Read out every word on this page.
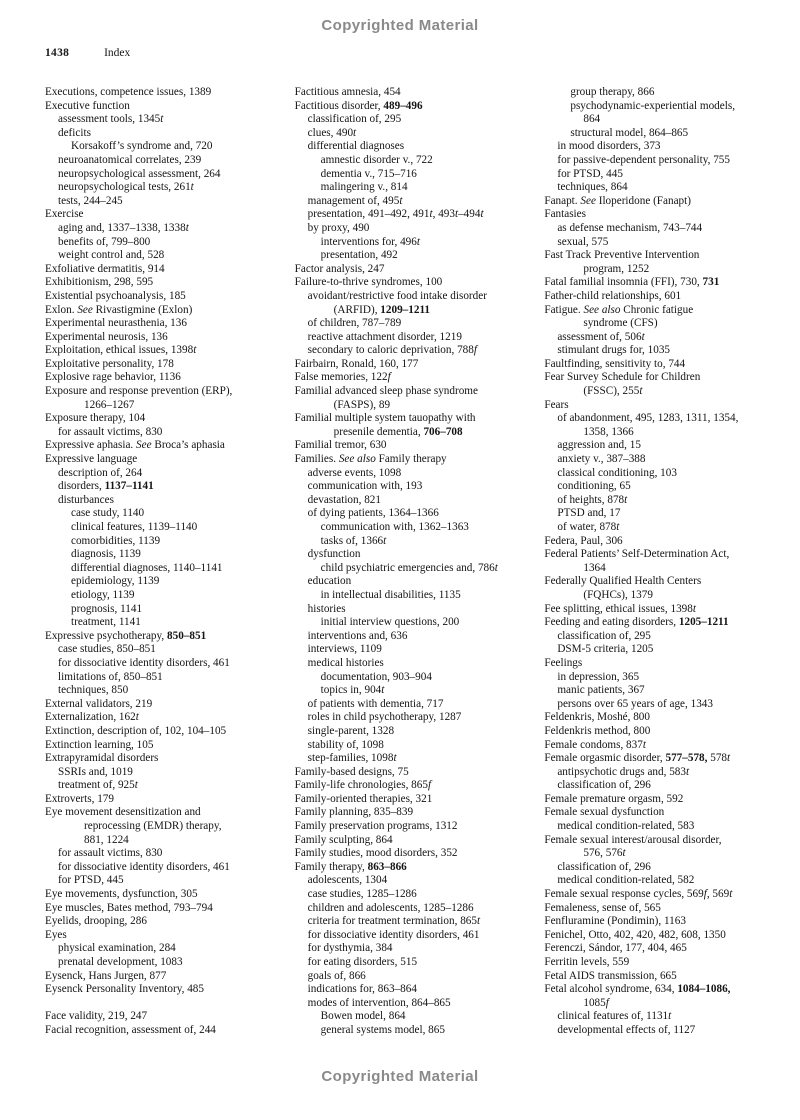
Copyrighted Material
1438	Index
Executions, competence issues, 1389
Executive function
assessment tools, 1345t
deficits
Korsakoff’s syndrome and, 720
neuroanatomical correlates, 239
neuropsychological assessment, 264
neuropsychological tests, 261t
tests, 244–245
Exercise
aging and, 1337–1338, 1338t
benefits of, 799–800
weight control and, 528
Exfoliative dermatitis, 914
Exhibitionism, 298, 595
Existential psychoanalysis, 185
Exlon. See Rivastigmine (Exlon)
Experimental neurasthenia, 136
Experimental neurosis, 136
Exploitation, ethical issues, 1398t
Exploitative personality, 178
Explosive rage behavior, 1136
Exposure and response prevention (ERP),
1266–1267
Exposure therapy, 104
for assault victims, 830
Expressive aphasia. See Broca’s aphasia
Expressive language
description of, 264
disorders, 1137–1141
disturbances
case study, 1140
clinical features, 1139–1140
comorbidities, 1139
diagnosis, 1139
differential diagnoses, 1140–1141
epidemiology, 1139
etiology, 1139
prognosis, 1141
treatment, 1141
Expressive psychotherapy, 850–851
case studies, 850–851
for dissociative identity disorders, 461
limitations of, 850–851
techniques, 850
External validators, 219
Externalization, 162t
Extinction, description of, 102, 104–105
Extinction learning, 105
Extrapyramidal disorders
SSRIs and, 1019
treatment of, 925t
Extroverts, 179
Eye movement desensitization and
reprocessing (EMDR) therapy,
881, 1224
for assault victims, 830
for dissociative identity disorders, 461
for PTSD, 445
Eye movements, dysfunction, 305
Eye muscles, Bates method, 793–794
Eyelids, drooping, 286
Eyes
physical examination, 284
prenatal development, 1083
Eysenck, Hans Jurgen, 877
Eysenck Personality Inventory, 485
Face validity, 219, 247
Facial recognition, assessment of, 244
Factitious amnesia, 454
Factitious disorder, 489–496
classification of, 295
clues, 490t
differential diagnoses
amnestic disorder v., 722
dementia v., 715–716
malingering v., 814
management of, 495t
presentation, 491–492, 491t, 493t–494t
by proxy, 490
interventions for, 496t
presentation, 492
Factor analysis, 247
Failure-to-thrive syndromes, 100
avoidant/restrictive food intake disorder
(ARFID), 1209–1211
of children, 787–789
reactive attachment disorder, 1219
secondary to caloric deprivation, 788f
Fairbairn, Ronald, 160, 177
False memories, 122f
Familial advanced sleep phase syndrome
(FASPS), 89
Familial multiple system tauopathy with
presenile dementia, 706–708
Familial tremor, 630
Families. See also Family therapy
adverse events, 1098
communication with, 193
devastation, 821
of dying patients, 1364–1366
communication with, 1362–1363
tasks of, 1366t
dysfunction
child psychiatric emergencies and, 786t
education
in intellectual disabilities, 1135
histories
initial interview questions, 200
interventions and, 636
interviews, 1109
medical histories
documentation, 903–904
topics in, 904t
of patients with dementia, 717
roles in child psychotherapy, 1287
single-parent, 1328
stability of, 1098
step-families, 1098t
Family-based designs, 75
Family-life chronologies, 865f
Family-oriented therapies, 321
Family planning, 835–839
Family preservation programs, 1312
Family sculpting, 864
Family studies, mood disorders, 352
Family therapy, 863–866
adolescents, 1304
case studies, 1285–1286
children and adolescents, 1285–1286
criteria for treatment termination, 865t
for dissociative identity disorders, 461
for dysthymia, 384
for eating disorders, 515
goals of, 866
indications for, 863–864
modes of intervention, 864–865
Bowen model, 864
general systems model, 865
group therapy, 866
psychodynamic-experiential models,
864
structural model, 864–865
in mood disorders, 373
for passive-dependent personality, 755
for PTSD, 445
techniques, 864
Fanapt. See Iloperidone (Fanapt)
Fantasies
as defense mechanism, 743–744
sexual, 575
Fast Track Preventive Intervention
program, 1252
Fatal familial insomnia (FFI), 730, 731
Father-child relationships, 601
Fatigue. See also Chronic fatigue
syndrome (CFS)
assessment of, 506t
stimulant drugs for, 1035
Faultfinding, sensitivity to, 744
Fear Survey Schedule for Children
(FSSC), 255t
Fears
of abandonment, 495, 1283, 1311, 1354,
1358, 1366
aggression and, 15
anxiety v., 387–388
classical conditioning, 103
conditioning, 65
of heights, 878t
PTSD and, 17
of water, 878t
Federa, Paul, 306
Federal Patients’ Self-Determination Act,
1364
Federally Qualified Health Centers
(FQHCs), 1379
Fee splitting, ethical issues, 1398t
Feeding and eating disorders, 1205–1211
classification of, 295
DSM-5 criteria, 1205
Feelings
in depression, 365
manic patients, 367
persons over 65 years of age, 1343
Feldenkris, Moshé, 800
Feldenkris method, 800
Female condoms, 837t
Female orgasmic disorder, 577–578, 578t
antipsychotic drugs and, 583t
classification of, 296
Female premature orgasm, 592
Female sexual dysfunction
medical condition-related, 583
Female sexual interest/arousal disorder,
576, 576t
classification of, 296
medical condition-related, 582
Female sexual response cycles, 569f, 569t
Femaleness, sense of, 565
Fenfluramine (Pondimin), 1163
Fenichel, Otto, 402, 420, 482, 608, 1350
Ferenczi, Sándor, 177, 404, 465
Ferritin levels, 559
Fetal AIDS transmission, 665
Fetal alcohol syndrome, 634, 1084–1086,
1085f
clinical features of, 1131t
developmental effects of, 1127
Copyrighted Material
